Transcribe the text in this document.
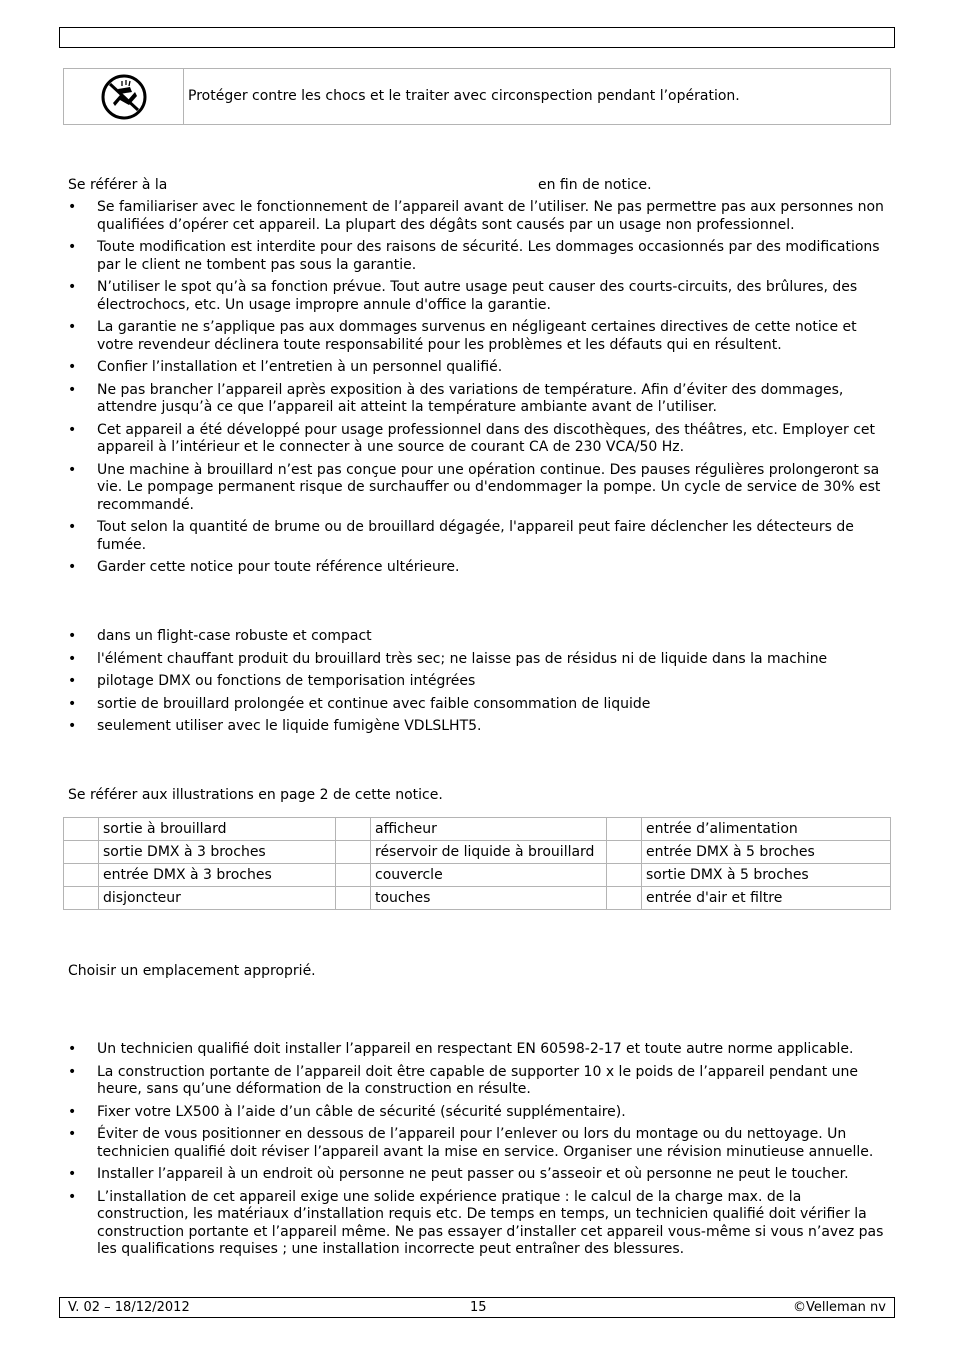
Protéger contre les chocs et le traiter avec circonspection pendant l’opération.

Se référer à la	en fin de notice.

• Se familiariser avec le fonctionnement de l’appareil avant de l’utiliser. Ne pas permettre pas aux personnes non qualifiées d’opérer cet appareil. La plupart des dégâts sont causés par un usage non professionnel.
• Toute modification est interdite pour des raisons de sécurité. Les dommages occasionnés par des modifications par le client ne tombent pas sous la garantie.
• N’utiliser le spot qu’à sa fonction prévue. Tout autre usage peut causer des courts-circuits, des brûlures, des électrochocs, etc. Un usage impropre annule d'office la garantie.
• La garantie ne s’applique pas aux dommages survenus en négligeant certaines directives de cette notice et votre revendeur déclinera toute responsabilité pour les problèmes et les défauts qui en résultent.
• Confier l’installation et l’entretien à un personnel qualifié.
• Ne pas brancher l’appareil après exposition à des variations de température. Afin d’éviter des dommages, attendre jusqu’à ce que l’appareil ait atteint la température ambiante avant de l’utiliser.
• Cet appareil a été développé pour usage professionnel dans des discothèques, des théâtres, etc. Employer cet appareil à l’intérieur et le connecter à une source de courant CA de 230 VCA/50 Hz.
• Une machine à brouillard n’est pas conçue pour une opération continue. Des pauses régulières prolongeront sa vie. Le pompage permanent risque de surchauffer ou d'endommager la pompe. Un cycle de service de 30% est recommandé.
• Tout selon la quantité de brume ou de brouillard dégagée, l'appareil peut faire déclencher les détecteurs de fumée.
• Garder cette notice pour toute référence ultérieure.
• dans un flight-case robuste et compact
• l'élément chauffant produit du brouillard très sec; ne laisse pas de résidus ni de liquide dans la machine
• pilotage DMX ou fonctions de temporisation intégrées
• sortie de brouillard prolongée et continue avec faible consommation de liquide
• seulement utiliser avec le liquide fumigène VDLSLHT5.

Se référer aux illustrations en page 2 de cette notice.

	sortie à brouillard		afficheur		entrée d’alimentation
	sortie DMX à 3 broches		réservoir de liquide à brouillard		entrée DMX à 5 broches
	entrée DMX à 3 broches		couvercle		sortie DMX à 5 broches
	disjoncteur		touches		entrée d'air et filtre

Choisir un emplacement approprié.

• Un technicien qualifié doit installer l’appareil en respectant EN 60598-2-17 et toute autre norme applicable.
• La construction portante de l’appareil doit être capable de supporter 10 x le poids de l’appareil pendant une heure, sans qu’une déformation de la construction en résulte.
• Fixer votre LX500 à l’aide d’un câble de sécurité (sécurité supplémentaire).
• Éviter de vous positionner en dessous de l’appareil pour l’enlever ou lors du montage ou du nettoyage. Un technicien qualifié doit réviser l’appareil avant la mise en service. Organiser une révision minutieuse annuelle.
• Installer l’appareil à un endroit où personne ne peut passer ou s’asseoir et où personne ne peut le toucher.
• L’installation de cet appareil exige une solide expérience pratique : le calcul de la charge max. de la construction, les matériaux d’installation requis etc. De temps en temps, un technicien qualifié doit vérifier la construction portante et l’appareil même. Ne pas essayer d’installer cet appareil vous-même si vous n’avez pas les qualifications requises ; une installation incorrecte peut entraîner des blessures.
V. 02 – 18/12/2012	15	©Velleman nv
